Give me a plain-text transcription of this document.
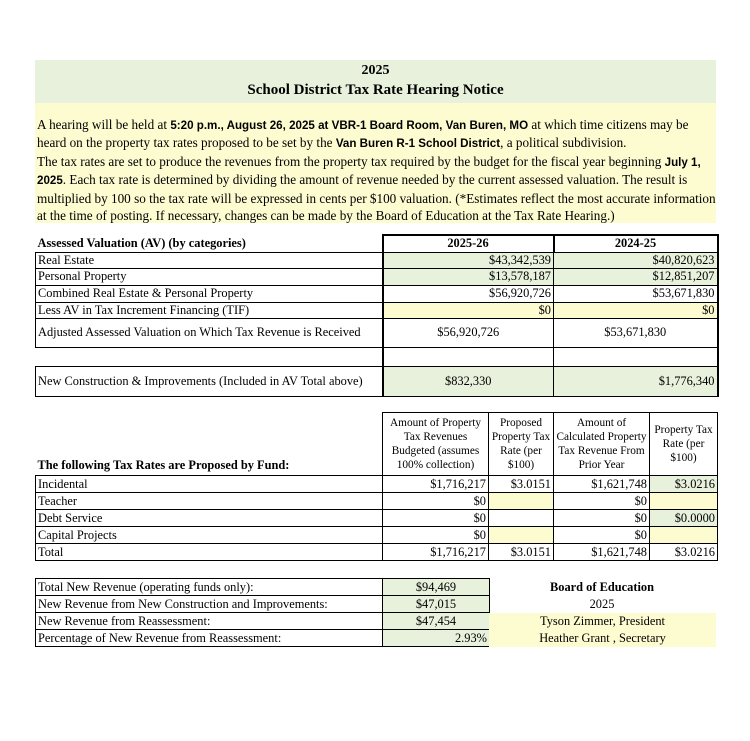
2025
School District Tax Rate Hearing Notice
A hearing will be held at 5:20 p.m., August 26, 2025 at VBR-1 Board Room, Van Buren, MO at which time citizens may be heard on the property tax rates proposed to be set by the Van Buren R-1 School District, a political subdivision.
The tax rates are set to produce the revenues from the property tax required by the budget for the fiscal year beginning July 1, 2025. Each tax rate is determined by dividing the amount of revenue needed by the current assessed valuation. The result is multiplied by 100 so the tax rate will be expressed in cents per $100 valuation. (*Estimates reflect the most accurate information at the time of posting. If necessary, changes can be made by the Board of Education at the Tax Rate Hearing.)
Assessed Valuation (AV) (by categories)	2025-26	2024-25
Real Estate	$43,342,539	$40,820,623
Personal Property	$13,578,187	$12,851,207
Combined Real Estate & Personal Property	$56,920,726	$53,671,830
Less AV in Tax Increment Financing (TIF)	$0	$0
Adjusted Assessed Valuation on Which Tax Revenue is Received	$56,920,726	$53,671,830

New Construction & Improvements (Included in AV Total above)	$832,330	$1,776,340
The following Tax Rates are Proposed by Fund:	Amount of Property Tax Revenues Budgeted (assumes 100% collection)	Proposed Property Tax Rate (per $100)	Amount of Calculated Property Tax Revenue From Prior Year	Property Tax Rate (per $100)
Incidental	$1,716,217	$3.0151	$1,621,748	$3.0216
Teacher	$0		$0	
Debt Service	$0		$0	$0.0000
Capital Projects	$0		$0	
Total	$1,716,217	$3.0151	$1,621,748	$3.0216
Total New Revenue (operating funds only):	$94,469
New Revenue from New Construction and Improvements:	$47,015
New Revenue from Reassessment:	$47,454
Percentage of New Revenue from Reassessment:	2.93%
Board of Education
2025
Tyson Zimmer, President
Heather Grant , Secretary
